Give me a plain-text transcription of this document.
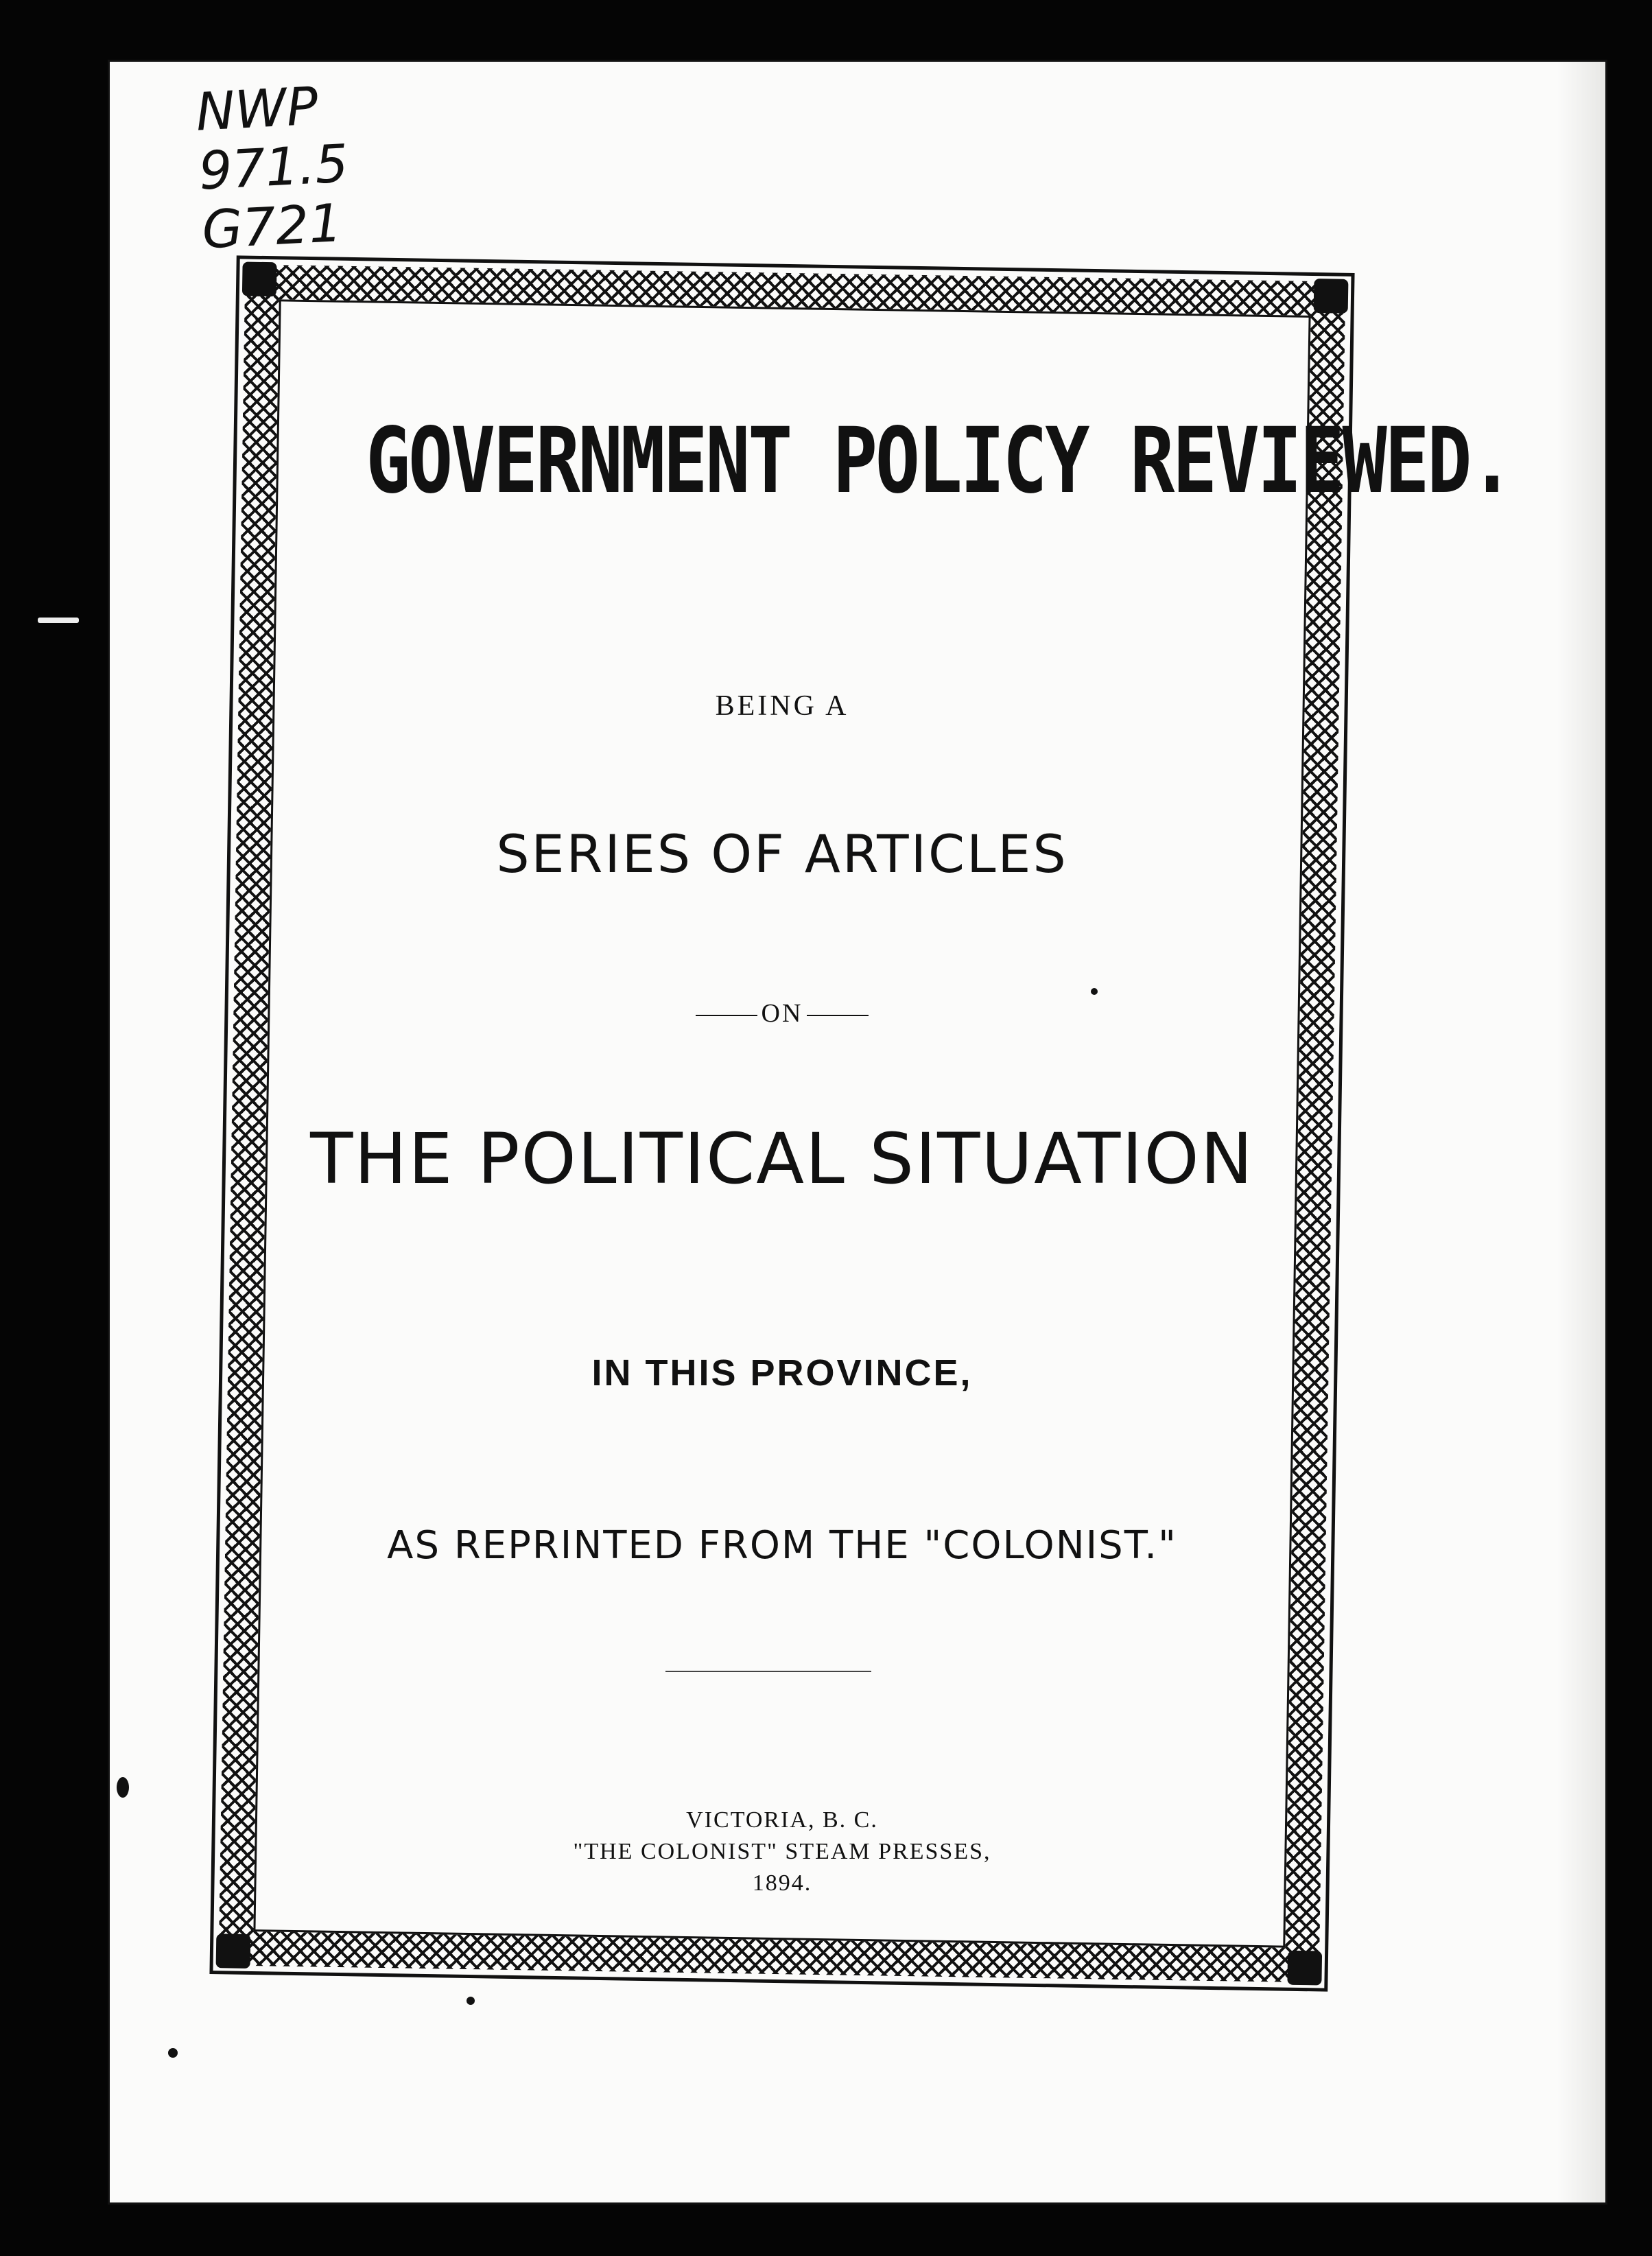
NWP
971.5
G721
GOVERNMENT POLICY REVIEWED.
BEING A
SERIES OF ARTICLES
ON
THE POLITICAL SITUATION
IN THIS PROVINCE,
AS REPRINTED FROM THE "COLONIST."
VICTORIA, B. C.
"THE COLONIST" STEAM PRESSES,
1894.
